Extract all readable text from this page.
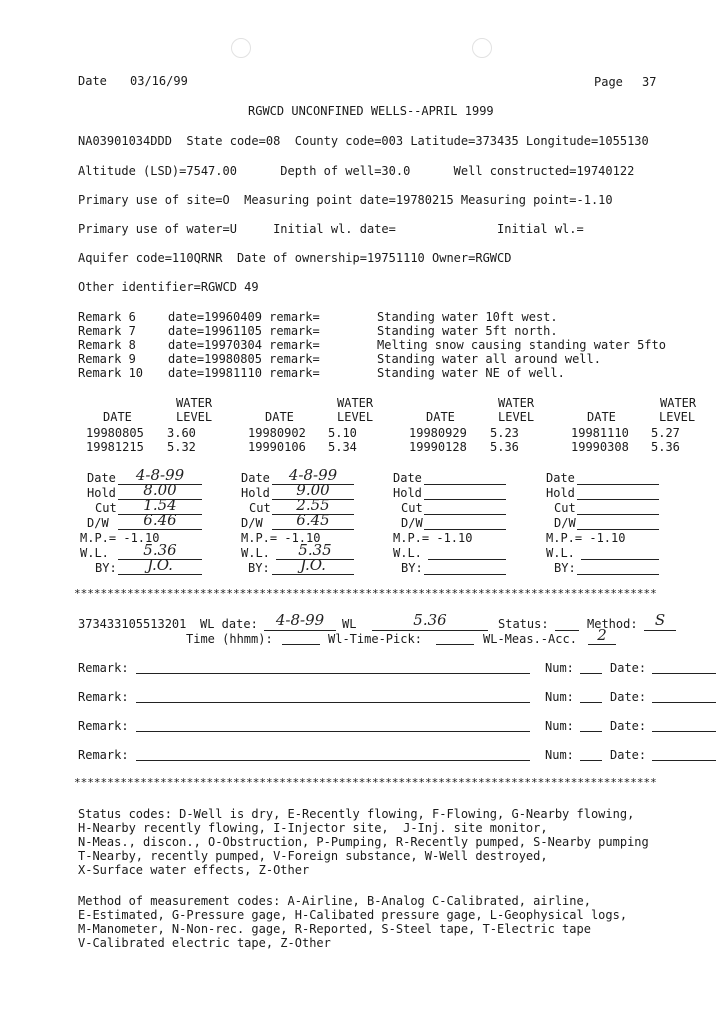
Date 03/16/99	Page 37
RGWCD UNCONFINED WELLS--APRIL 1999
NA03901034DDD  State code=08  County code=003 Latitude=373435 Longitude=1055130
Altitude (LSD)=7547.00      Depth of well=30.0      Well constructed=19740122
Primary use of site=O  Measuring point date=19780215 Measuring point=-1.10
Primary use of water=U     Initial wl. date=              Initial wl.=
Aquifer code=110QRNR  Date of ownership=19751110 Owner=RGWCD
Other identifier=RGWCD 49
Remark 6 date=19960409 remark=	Standing water 10ft west.
Remark 7 date=19961105 remark=	Standing water 5ft north.
Remark 8 date=19970304 remark=	Melting snow causing standing water 5fto
Remark 9 date=19980805 remark=	Standing water all around well.
Remark 10 date=19981110 remark=	Standing water NE of well.
WATER
DATE	LEVEL
19980805 3.60
19981215 5.32
WATER
DATE	LEVEL
19980902 5.10
19990106 5.34
WATER
DATE	LEVEL
19980929 5.23
19990128 5.36
WATER
DATE	LEVEL
19981110 5.27
19990308 5.36
Date	4-8-99
Hold	8.00
Cut	1.54
D/W	6.46
M.P.= -1.10
W.L.	5.36
BY:	J.O.
Date	4-8-99
Hold	9.00
Cut	2.55
D/W	6.45
M.P.= -1.10
W.L.	5.35
BY:	J.O.
Date
Hold
Cut
D/W
M.P.= -1.10
W.L.
BY:
Date
Hold
Cut
D/W
M.P.= -1.10
W.L.
BY:
****************************************************************************************
373433105513201 WL date:	4-8-99	WL	5.36	Status:	Method:	S
Time (hhmm):	Wl-Time-Pick:	WL-Meas.-Acc.	2
Remark:	Num:	Date:
Remark:	Num:	Date:
Remark:	Num:	Date:
Remark:	Num:	Date:
****************************************************************************************
Status codes: D-Well is dry, E-Recently flowing, F-Flowing, G-Nearby flowing,
H-Nearby recently flowing, I-Injector site,  J-Inj. site monitor,
N-Meas., discon., O-Obstruction, P-Pumping, R-Recently pumped, S-Nearby pumping
T-Nearby, recently pumped, V-Foreign substance, W-Well destroyed,
X-Surface water effects, Z-Other
Method of measurement codes: A-Airline, B-Analog C-Calibrated, airline,
E-Estimated, G-Pressure gage, H-Calibated pressure gage, L-Geophysical logs,
M-Manometer, N-Non-rec. gage, R-Reported, S-Steel tape, T-Electric tape
V-Calibrated electric tape, Z-Other
